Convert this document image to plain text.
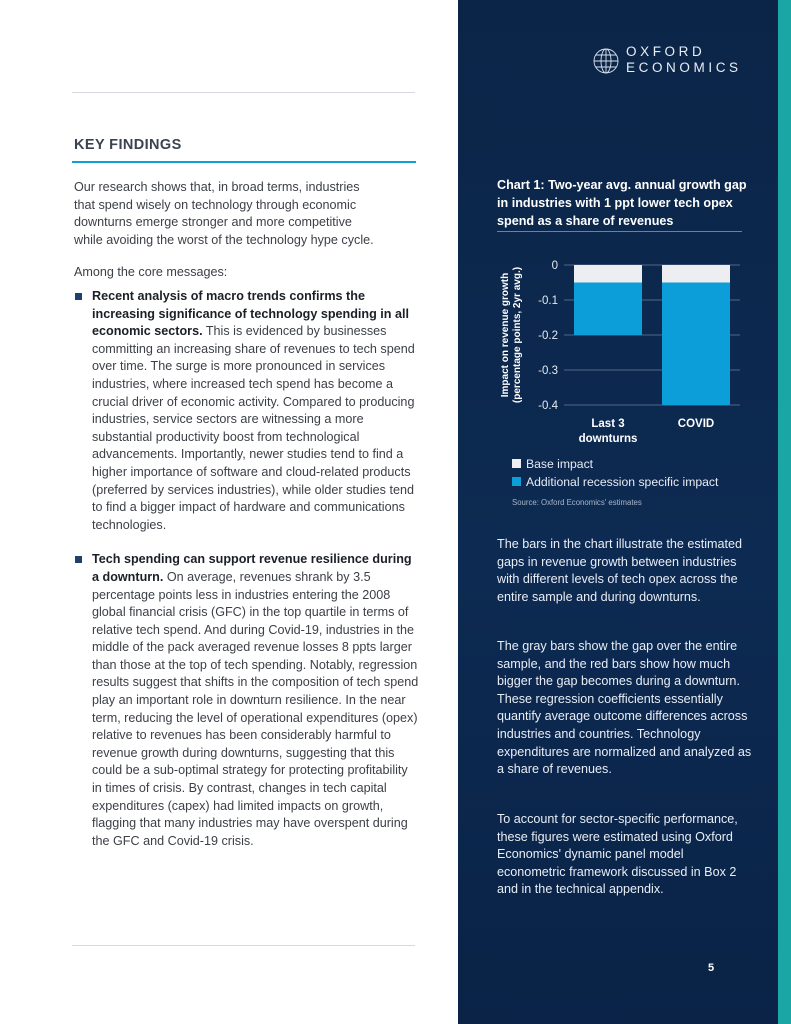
KEY FINDINGS
Our research shows that, in broad terms, industries
that spend wisely on technology through economic
downturns emerge stronger and more competitive
while avoiding the worst of the technology hype cycle.
Among the core messages:
Recent analysis of macro trends confirms the increasing significance of technology spending in all economic sectors. This is evidenced by businesses committing an increasing share of revenues to tech spend over time. The surge is more pronounced in services industries, where increased tech spend has become a crucial driver of economic activity. Compared to producing industries, service sectors are witnessing a more substantial productivity boost from technological advancements. Importantly, newer studies tend to find a higher importance of software and cloud-related products (preferred by services industries), while older studies tend to find a bigger impact of hardware and communications technologies.
Tech spending can support revenue resilience during a downturn. On average, revenues shrank by 3.5 percentage points less in industries entering the 2008 global financial crisis (GFC) in the top quartile in terms of relative tech spend. And during Covid-19, industries in the middle of the pack averaged revenue losses 8 ppts larger than those at the top of tech spending. Notably, regression results suggest that shifts in the composition of tech spend play an important role in downturn resilience. In the near term, reducing the level of operational expenditures (opex) relative to revenues has been considerably harmful to revenue growth during downturns, suggesting that this could be a sub-optimal strategy for protecting profitability in times of crisis. By contrast, changes in tech capital expenditures (capex) had limited impacts on growth, flagging that many industries may have overspent during the GFC and Covid-19 crisis.
OXFORD
ECONOMICS
Chart 1: Two-year avg. annual growth gap in industries with 1 ppt lower tech opex spend as a share of revenues
0
-0.1
-0.2
-0.3
-0.4
Impact on revenue growth (percentage points, 2yr avg.)
Last 3
downturns
COVID
Base impact
Additional recession specific impact
Source: Oxford Economics' estimates
The bars in the chart illustrate the estimated gaps in revenue growth between industries with different levels of tech opex across the entire sample and during downturns.
The gray bars show the gap over the entire sample, and the red bars show how much bigger the gap becomes during a downturn. These regression coefficients essentially quantify average outcome differences across industries and countries. Technology expenditures are normalized and analyzed as a share of revenues.
To account for sector-specific performance, these figures were estimated using Oxford Economics' dynamic panel model econometric framework discussed in Box 2 and in the technical appendix.
5
